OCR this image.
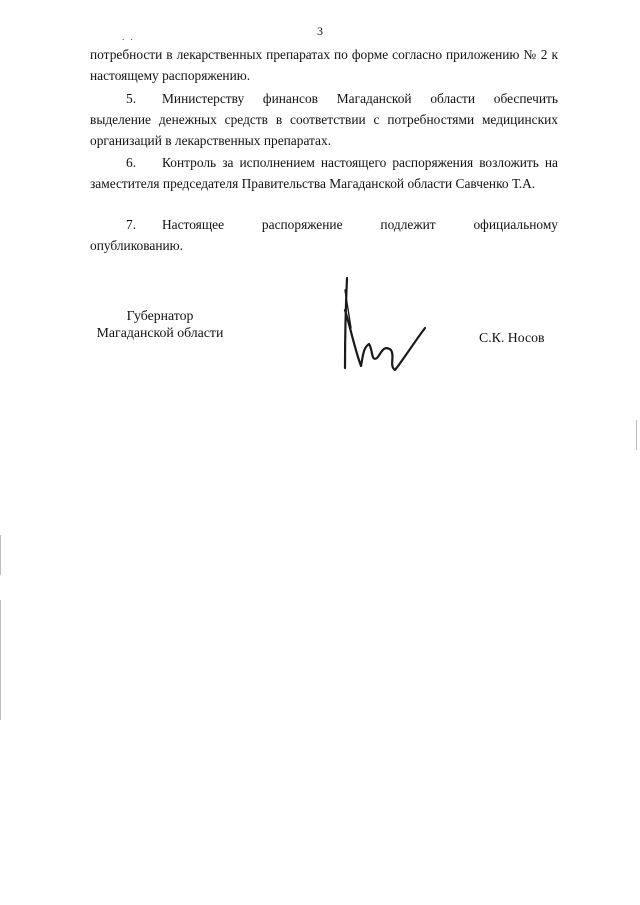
. .	3

потребности в лекарственных препаратах по форме согласно приложению № 2 к настоящему распоряжению.

5. Министерству финансов Магаданской области обеспечить выделение денежных средств в соответствии с потребностями медицинских организаций в лекарственных препаратах.

6. Контроль за исполнением настоящего распоряжения возложить на заместителя председателя Правительства Магаданской области Савченко Т.А.

7. Настоящее распоряжение подлежит официальному
опубликованию.

Губернатор
Магаданской области	С.К. Носов
